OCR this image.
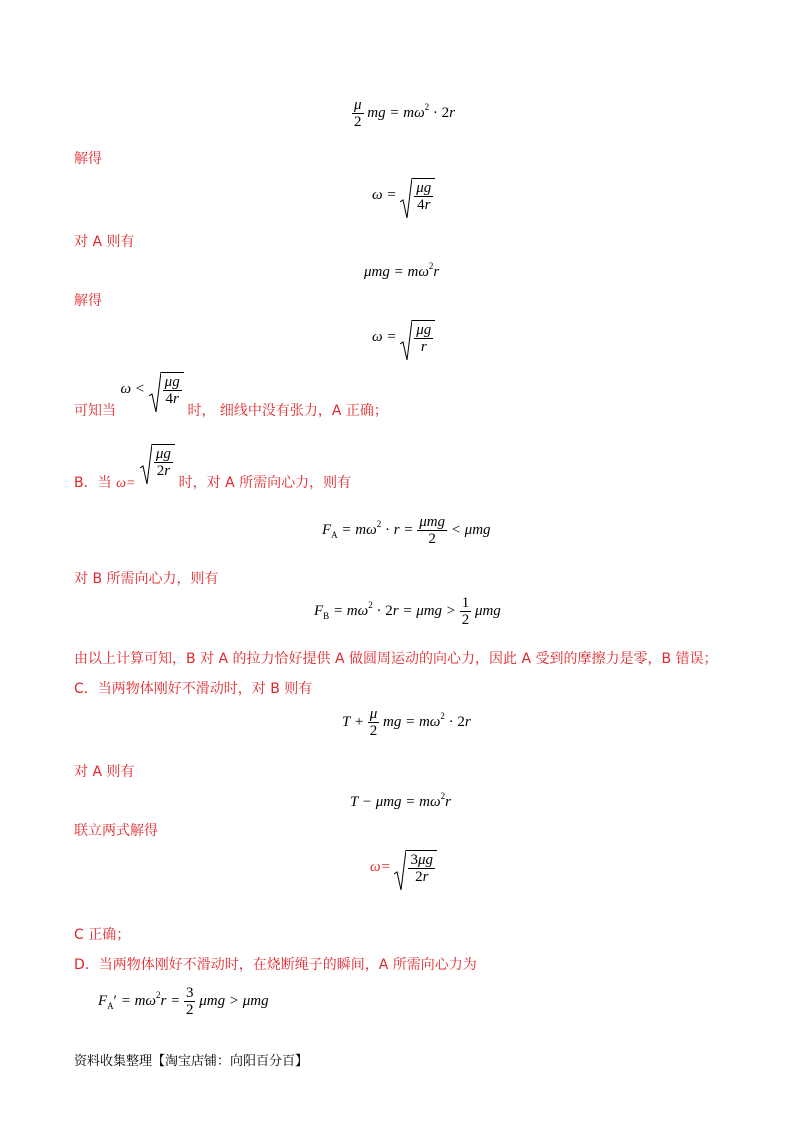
$\frac{\mu}{2}$ mg = $m\omega^2 \cdot 2r$
解得
$\omega = \frac{\mu g}{4r}$
对 A 则有
$\mu mg = m\omega^2r$
解得
$\omega = \frac{\mu g}{r}$
可知当 $\omega < \frac{\mu g}{4r}$
时， 细线中没有张力，A 正确；
B．当 ω=
$\frac{\mu g}{2r}$
时，对 A 所需向心力，则有
$F_A = m\omega^2 \cdot r = \frac{\text{μmg}}{2} < \mu mg$
对 B 所需向心力，则有
$F_B = m\omega^2 \cdot 2r = \mu mg > \frac{1}{2}$ μmg
由以上计算可知，B 对 A 的拉力恰好提供 A 做圆周运动的向心力，因此 A 受到的摩擦力是零，B 错误；
C．当两物体刚好不滑动时，对 B 则有
$T + \frac{\mu}{2}$ mg = $m\omega^2 \cdot 2r$
对 A 则有
$T - \mu mg = m\omega^2r$
联立两式解得
$\omega= \frac{3\mu g}{2r}$
C 正确；
D．当两物体刚好不滑动时，在烧断绳子的瞬间，A 所需向心力为
$F_A' = m\omega^2r = \frac{3}{2}$ μmg > μmg
资料收集整理【淘宝店铺：向阳百分百】
